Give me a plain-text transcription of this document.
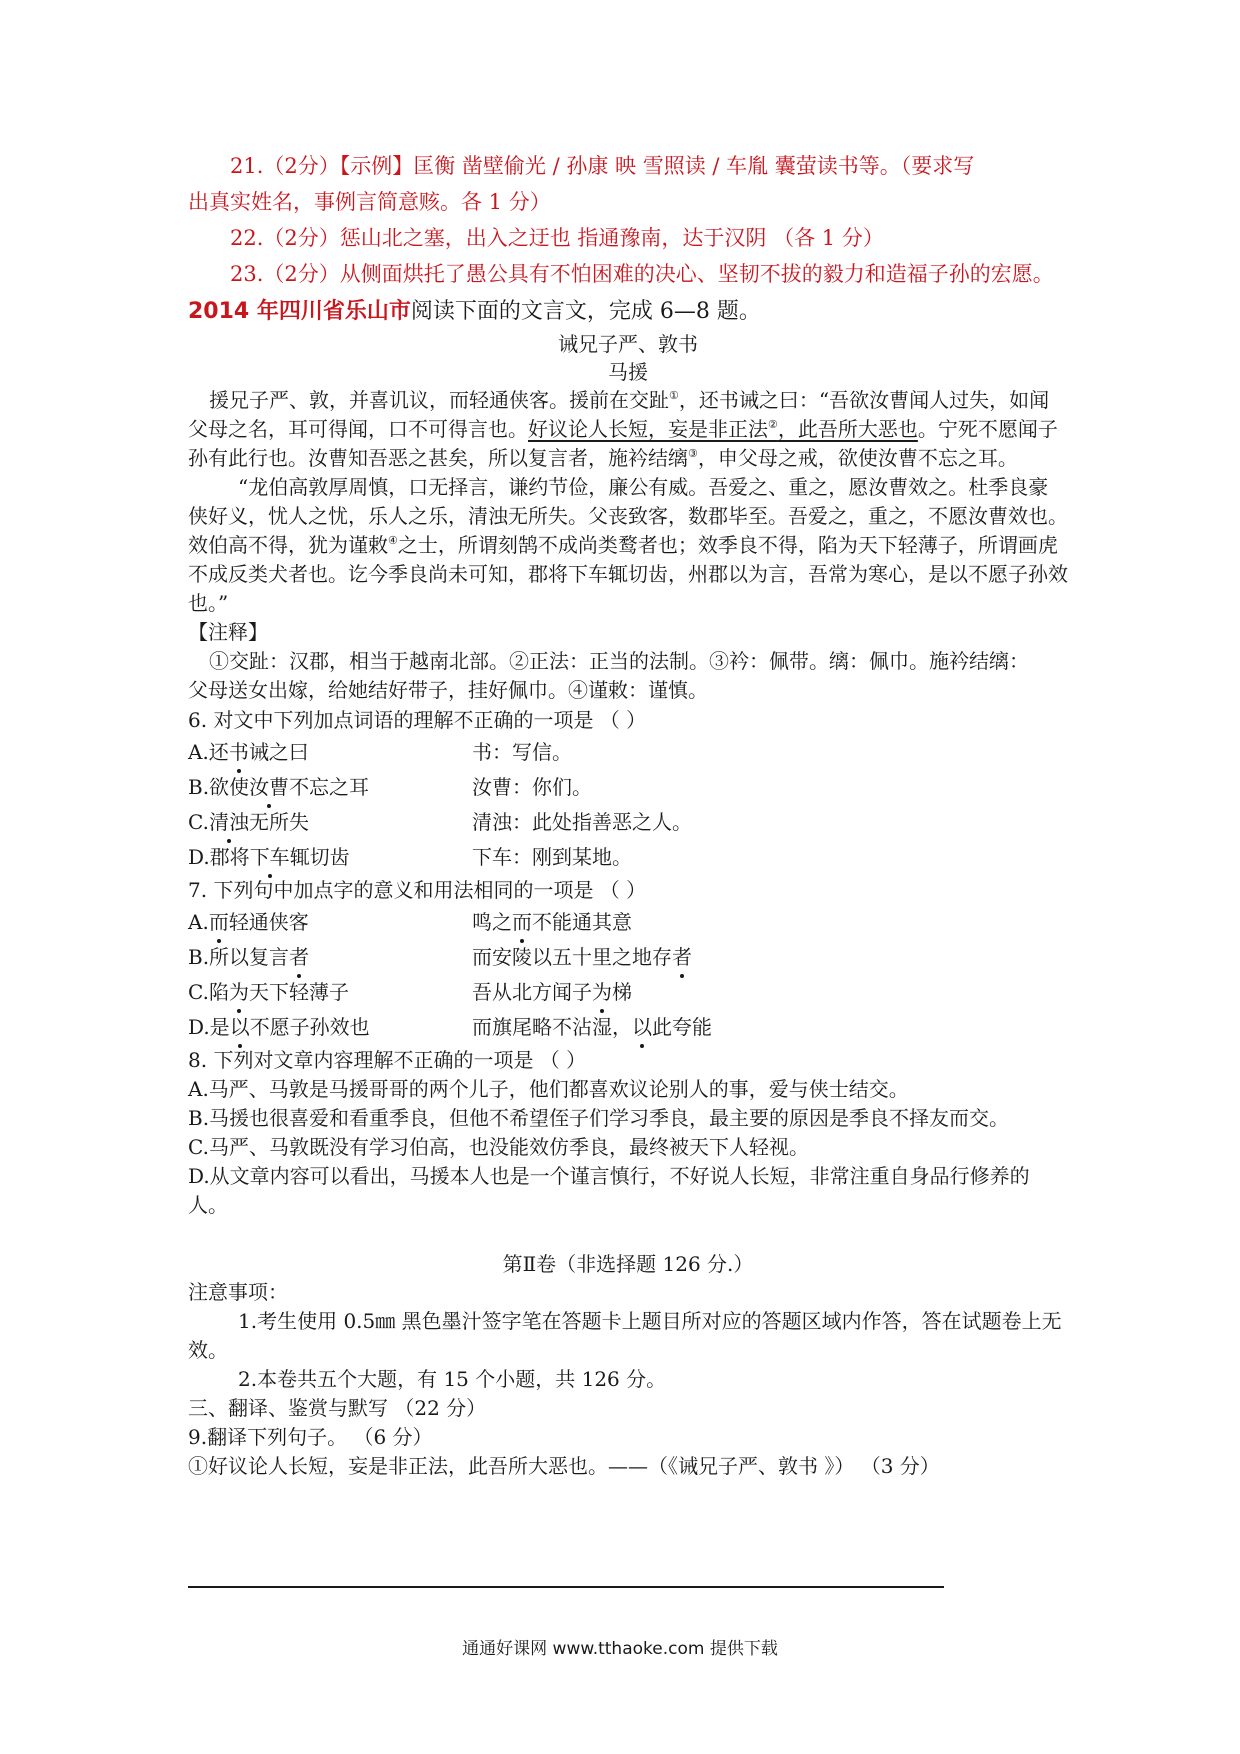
21.（2分）【示例】匡衡 凿壁偷光 / 孙康 映 雪照读 / 车胤 囊萤读书等。（要求写

出真实姓名，事例言简意赅。各 1 分）

22.（2分）惩山北之塞，出入之迂也 指通豫南，达于汉阴 （各 1 分）

23.（2分）从侧面烘托了愚公具有不怕困难的决心、坚韧不拔的毅力和造福子孙的宏愿。

2014 年四川省乐山市阅读下面的文言文，完成 6—8 题。

诫兄子严、敦书

马援

援兄子严、敦，并喜讥议，而轻通侠客。援前在交趾①，还书诫之曰：“吾欲汝曹闻人过失，如闻父母之名，耳可得闻，口不可得言也。好议论人长短，妄是非正法②，此吾所大恶也。宁死不愿闻子孙有此行也。汝曹知吾恶之甚矣，所以复言者，施衿结缡③，申父母之戒，欲使汝曹不忘之耳。

“龙伯高敦厚周慎，口无择言，谦约节俭，廉公有威。吾爱之、重之，愿汝曹效之。杜季良豪侠好义，忧人之忧，乐人之乐，清浊无所失。父丧致客，数郡毕至。吾爱之，重之，不愿汝曹效也。效伯高不得，犹为谨敕④之士，所谓刻鹄不成尚类鹜者也；效季良不得，陷为天下轻薄子，所谓画虎不成反类犬者也。讫今季良尚未可知，郡将下车辄切齿，州郡以为言，吾常为寒心，是以不愿子孙效也。”

【注释】

①交趾：汉郡，相当于越南北部。②正法：正当的法制。③衿：佩带。缡：佩巾。施衿结缡：

父母送女出嫁，给她结好带子，挂好佩巾。④谨敕：谨慎。

6. 对文中下列加点词语的理解不正确的一项是 （ ）

A.还书诫之曰	书：写信。
B.欲使汝曹不忘之耳	汝曹：你们。
C.清浊无所失	清浊：此处指善恶之人。
D.郡将下车辄切齿	下车：刚到某地。

7. 下列句中加点字的意义和用法相同的一项是 （ ）

A.而轻通侠客	鸣之而不能通其意
B.所以复言者	而安陵以五十里之地存者
C.陷为天下轻薄子	吾从北方闻子为梯
D.是以不愿子孙效也	而旗尾略不沾湿，以此夸能

8. 下列对文章内容理解不正确的一项是 （ ）

A.马严、马敦是马援哥哥的两个儿子，他们都喜欢议论别人的事，爱与侠士结交。

B.马援也很喜爱和看重季良，但他不希望侄子们学习季良，最主要的原因是季良不择友而交。

C.马严、马敦既没有学习伯高，也没能效仿季良，最终被天下人轻视。

D.从文章内容可以看出，马援本人也是一个谨言慎行，不好说人长短，非常注重自身品行修养的人。

第Ⅱ卷（非选择题 126 分.）

注意事项：

1.考生使用 0.5㎜ 黑色墨汁签字笔在答题卡上题目所对应的答题区域内作答，答在试题卷上无效。

2.本卷共五个大题，有 15 个小题，共 126 分。

三、翻译、鉴赏与默写 （22 分）

9.翻译下列句子。 （6 分）

①好议论人长短，妄是非正法，此吾所大恶也。——（《诫兄子严、敦书 》） （3 分）

通通好课网 www.tthaoke.com 提供下载
